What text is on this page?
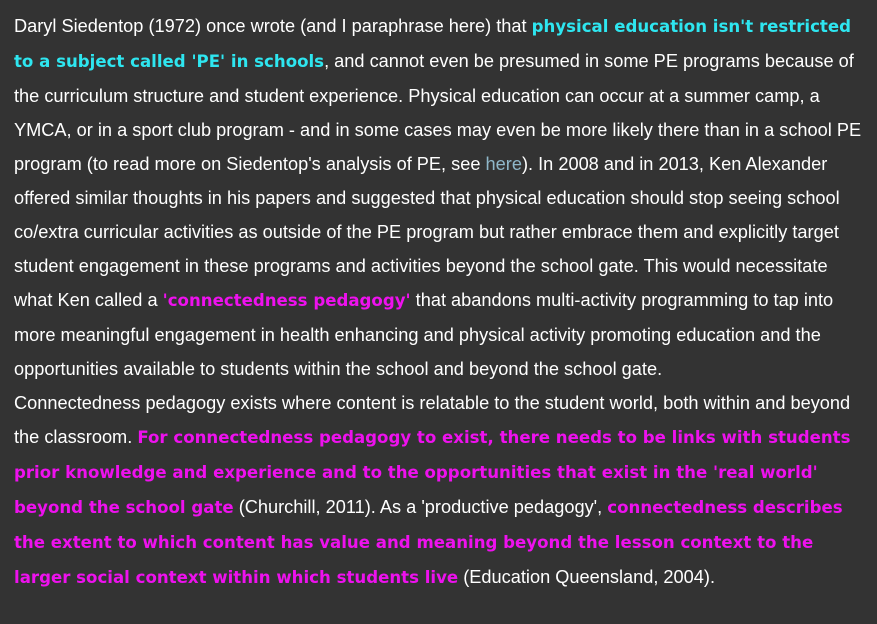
Daryl Siedentop (1972) once wrote (and I paraphrase here) that physical education isn't restricted to a subject called 'PE' in schools, and cannot even be presumed in some PE programs because of the curriculum structure and student experience. Physical education can occur at a summer camp, a YMCA, or in a sport club program - and in some cases may even be more likely there than in a school PE program (to read more on Siedentop's analysis of PE, see here). In 2008 and in 2013, Ken Alexander offered similar thoughts in his papers and suggested that physical education should stop seeing school co/extra curricular activities as outside of the PE program but rather embrace them and explicitly target student engagement in these programs and activities beyond the school gate. This would necessitate what Ken called a 'connectedness pedagogy' that abandons multi-activity programming to tap into more meaningful engagement in health enhancing and physical activity promoting education and the opportunities available to students within the school and beyond the school gate.

Connectedness pedagogy exists where content is relatable to the student world, both within and beyond the classroom. For connectedness pedagogy to exist, there needs to be links with students prior knowledge and experience and to the opportunities that exist in the 'real world' beyond the school gate (Churchill, 2011). As a 'productive pedagogy', connectedness describes the extent to which content has value and meaning beyond the lesson context to the larger social context within which students live (Education Queensland, 2004).
